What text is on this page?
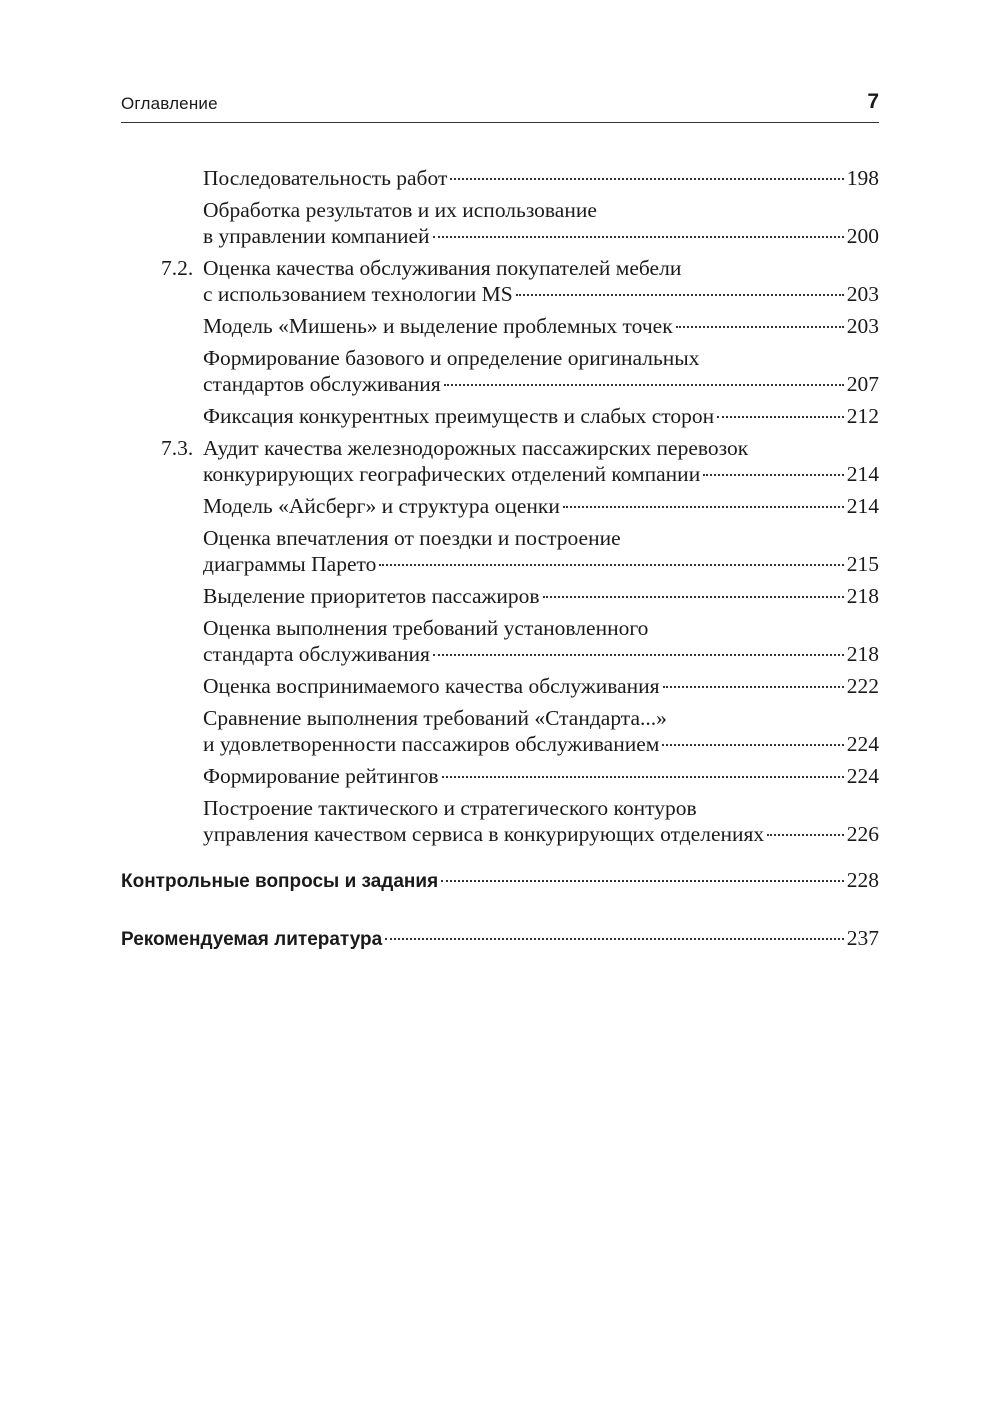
Оглавление	7
Последовательность работ	198
Обработка результатов и их использование
в управлении компанией	200
7.2. Оценка качества обслуживания покупателей мебели
с использованием технологии MS	203
Модель «Мишень» и выделение проблемных точек	203
Формирование базового и определение оригинальных
стандартов обслуживания	207
Фиксация конкурентных преимуществ и слабых сторон	212
7.3. Аудит качества железнодорожных пассажирских перевозок
конкурирующих географических отделений компании	214
Модель «Айсберг» и структура оценки	214
Оценка впечатления от поездки и построение
диаграммы Парето	215
Выделение приоритетов пассажиров	218
Оценка выполнения требований установленного
стандарта обслуживания	218
Оценка воспринимаемого качества обслуживания	222
Сравнение выполнения требований «Стандарта...»
и удовлетворенности пассажиров обслуживанием	224
Формирование рейтингов	224
Построение тактического и стратегического контуров
управления качеством сервиса в конкурирующих отделениях	226
Контрольные вопросы и задания	228
Рекомендуемая литература	237
